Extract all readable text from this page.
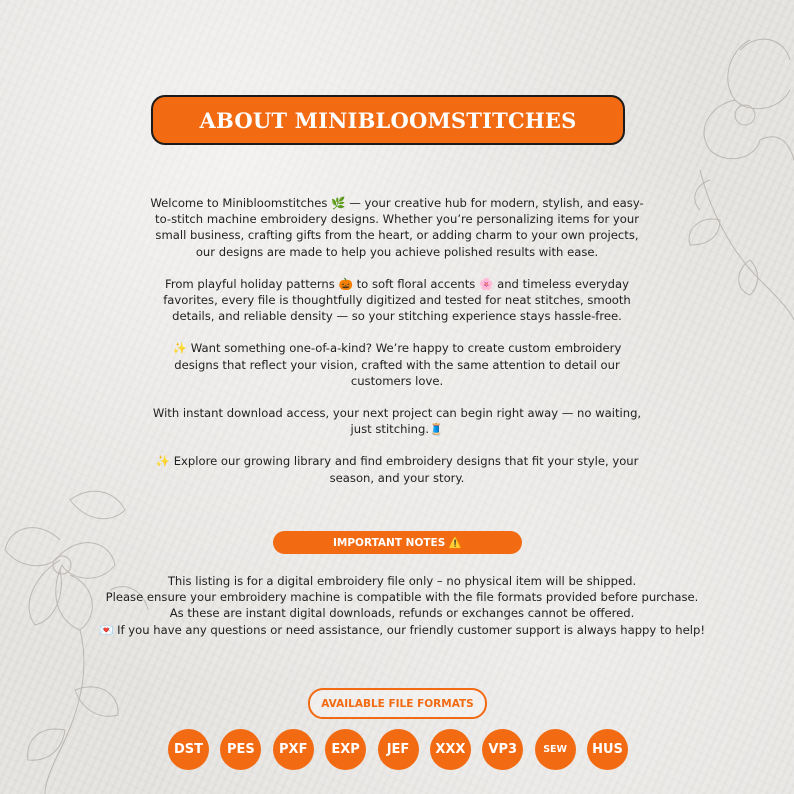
ABOUT MINIBLOOMSTITCHES

Welcome to Minibloomstitches 🌿 — your creative hub for modern, stylish, and easy-to-stitch machine embroidery designs. Whether you’re personalizing items for your small business, crafting gifts from the heart, or adding charm to your own projects, our designs are made to help you achieve polished results with ease.

From playful holiday patterns 🎃 to soft floral accents 🌸 and timeless everyday favorites, every file is thoughtfully digitized and tested for neat stitches, smooth details, and reliable density — so your stitching experience stays hassle-free.

✨ Want something one-of-a-kind? We’re happy to create custom embroidery designs that reflect your vision, crafted with the same attention to detail our customers love.

With instant download access, your next project can begin right away — no waiting, just stitching.🧵

✨ Explore our growing library and find embroidery designs that fit your style, your season, and your story.

IMPORTANT NOTES ⚠️
This listing is for a digital embroidery file only – no physical item will be shipped.
Please ensure your embroidery machine is compatible with the file formats provided before purchase.
As these are instant digital downloads, refunds or exchanges cannot be offered.
💌 If you have any questions or need assistance, our friendly customer support is always happy to help!
AVAILABLE FILE FORMATS
DST	PES	PXF	EXP	JEF	XXX	VP3	SEW	HUS
